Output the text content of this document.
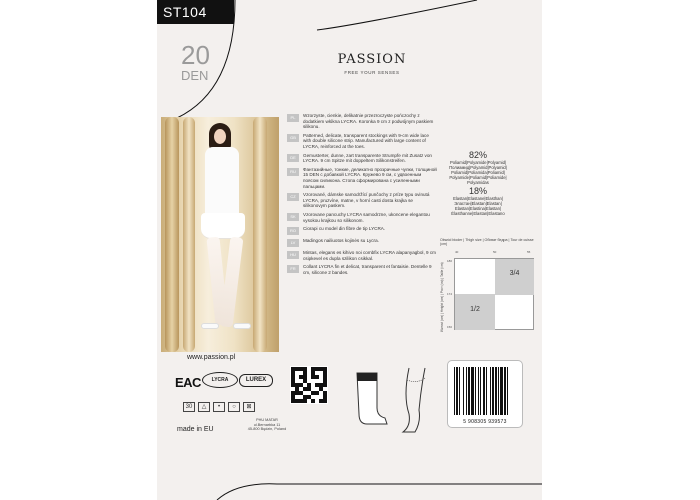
ST104
20
DEN
PASSION
FREE YOUR SENSES
www.passion.pl
PL	Wzorzyste, cienkie, delikatnie przezroczyste pończochy z dodatkiem włókna LYCRA. Koronka 9 cm z podwójnym paskiem silikonu.
GB	Patterned, delicate, transparent stockings with 9-cm wide lace with double silicone strip. Manufactured with large content of LYCRA, reinforced at the toes.
DE	Gemusterter, dunne, zart transparente Strumpfe mit Zusatz von LYCRA. 9 cm Spitze mit doppeltem Silikonstreifen.
RU	Фантазийные, тонкие, деликатно прозрачные чулки, толщиной 15 DEN с добавкой LYCRA. Кружево 9 см, с удвоенным поясом силикона. Стопа сформирована с усиленными пальцами.
CZ	Vzorované, dámske samodržící punčochy z príze typu ovinutá LYCRA, pruzvíne, matne, v horní casti dosta krajka se silikonovym paskem.
SK	Vzorovane pancuchy LYCRA samodrzne, ukoncene elegantou vysokou krajkou so silikonom.
RO	Ciorapi cu model din fibre de tip LYCRA.
LV	Madingos nailiuotos kojinės su Lycra.
HU	Mintas, elegans es kihivo noi combfix LYCRA alapanyagbol, 9 cm csipkevel es dupla szilikon csikkal.
FR	Collant LYCRA fin et delicat, transparent et fantaisie. Dentelle 9 cm, silicone 2 bandes.
82%
Poliamid|Polyamide|Polyamid| Полиамид|Polyamid|Polyamid| Poliamid|Poliamida|Poliamid| Polyamide|Poliamid|Poliamide| Polyamidas
18%
Elastan|Elastane|Elasthan| Эластан|Elastan|Elastan| Elastan|Elastina|Elastan| Élasthanne|Elastan|Elastano
Obwód bioder | Thigh size | Обхват бедра | Tour de cuisse (cm)
Wzrost (cm) | Height (cm) | Рост (см) | Taille (cm)
40	50	55
180
174
150
3/4
1/2
EAC	LYCRA	LUREX
30	△	•	○	⊠
made in EU
PHU MATAR
ul.Bernarbka 11
45-800 Będzin, Poland
5 908305 939573
